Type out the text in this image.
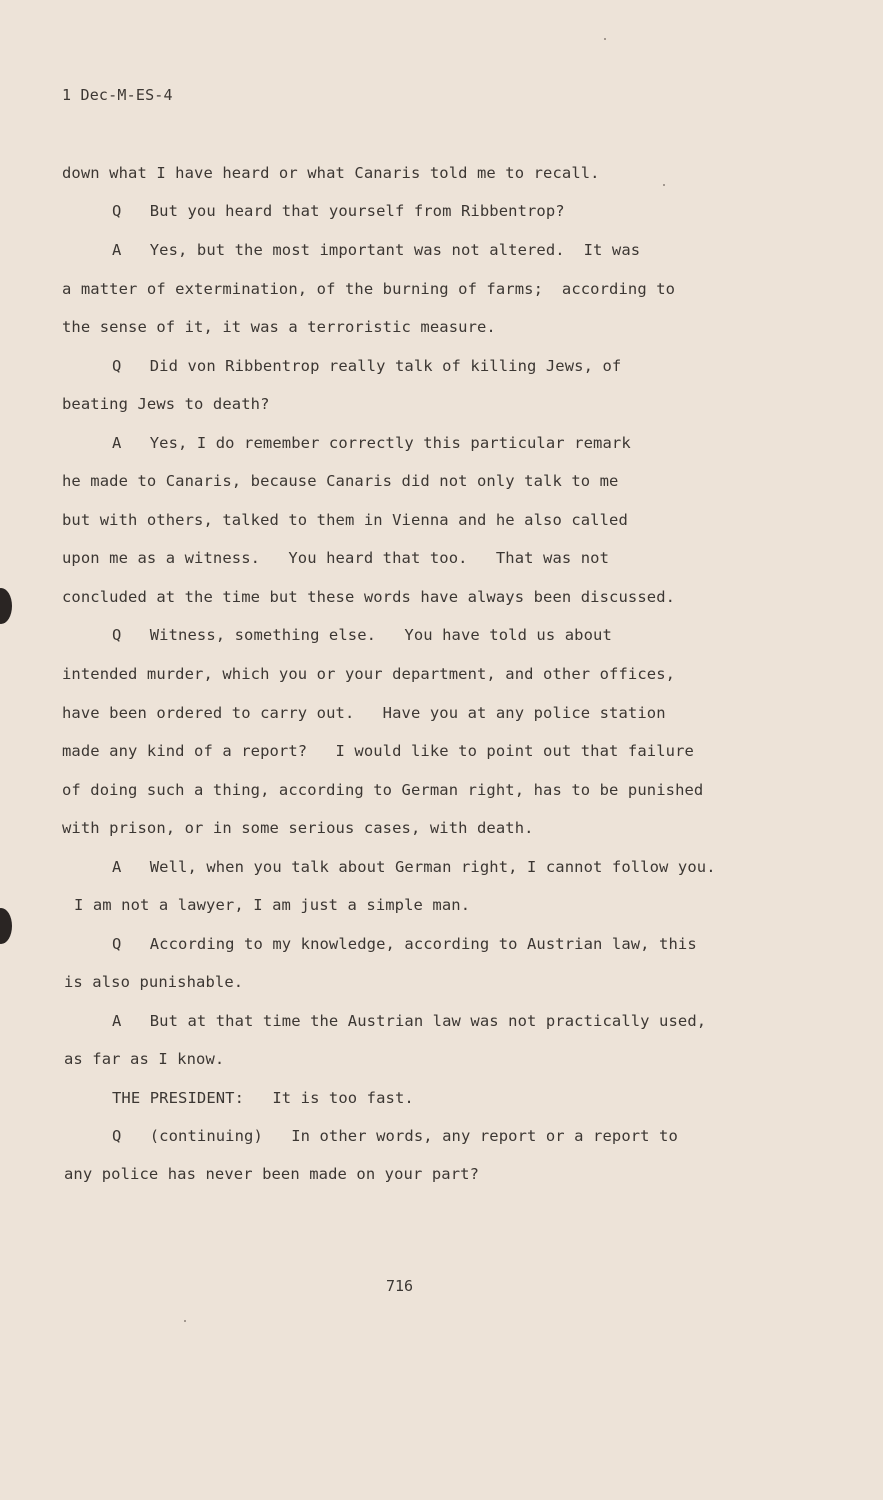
1 Dec-M-ES-4
down what I have heard or what Canaris told me to recall.
Q   But you heard that yourself from Ribbentrop?
A   Yes, but the most important was not altered.  It was
a matter of extermination, of the burning of farms;  according to
the sense of it, it was a terroristic measure.
Q   Did von Ribbentrop really talk of killing Jews, of
beating Jews to death?
A   Yes, I do remember correctly this particular remark
he made to Canaris, because Canaris did not only talk to me
but with others, talked to them in Vienna and he also called
upon me as a witness.   You heard that too.   That was not
concluded at the time but these words have always been discussed.
Q   Witness, something else.   You have told us about
intended murder, which you or your department, and other offices,
have been ordered to carry out.   Have you at any police station
made any kind of a report?   I would like to point out that failure
of doing such a thing, according to German right, has to be punished
with prison, or in some serious cases, with death.
A   Well, when you talk about German right, I cannot follow you.
I am not a lawyer, I am just a simple man.
Q   According to my knowledge, according to Austrian law, this
is also punishable.
A   But at that time the Austrian law was not practically used,
as far as I know.
THE PRESIDENT:   It is too fast.
Q   (continuing)   In other words, any report or a report to
any police has never been made on your part?
716
